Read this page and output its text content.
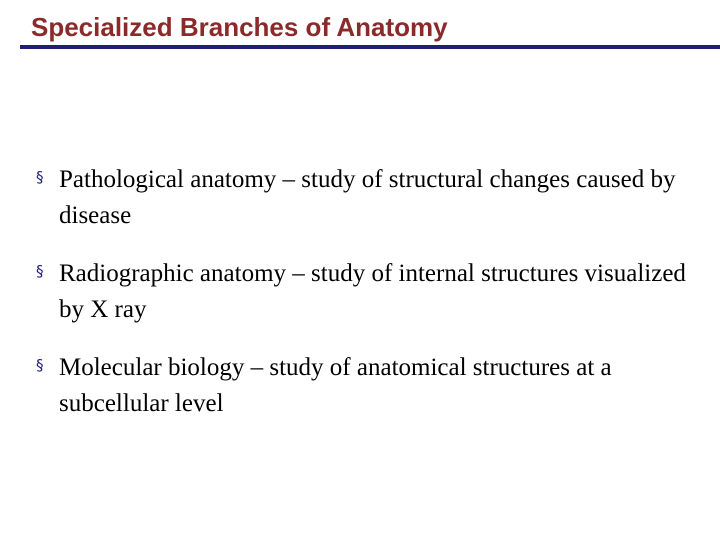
Specialized Branches of Anatomy
§ Pathological anatomy – study of structural changes caused by disease
§ Radiographic anatomy – study of internal structures visualized by X ray
§ Molecular biology – study of anatomical structures at a subcellular level
